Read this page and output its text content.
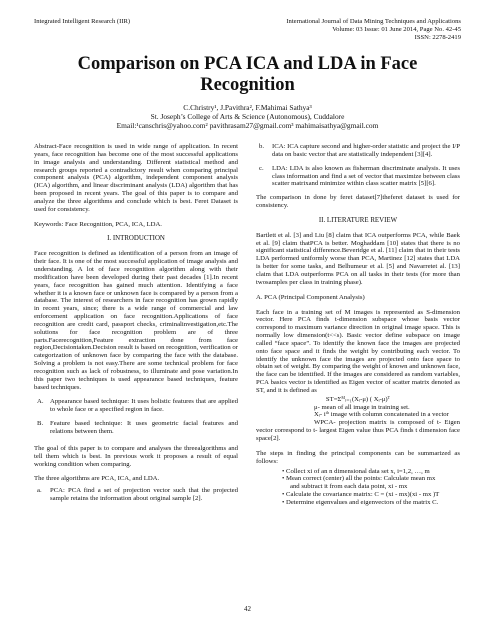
Integrated Intelligent Research (IIR)	International Journal of Data Mining Techniques and Applications
Volume: 03 Issue: 01 June 2014, Page No. 42-45
ISSN: 2278-2419
Comparison on PCA ICA and LDA in Face Recognition
C.Christry¹, J.Pavithra², F.Mahimai Sathya³
St. Joseph’s College of Arts & Science (Autonomous), Cuddalore
Email:¹canschris@yahoo.com² pavithrasam27@gmail.com³ mahimaisathya@gmail.com

Abstract-Face recognition is used in wide range of application. In recent years, face recognition has become one of the most successful applications in image analysis and understanding. Different statistical method and research groups reported a contradictory result when comparing principal component analysis (PCA) algorithm, independent component analysis (ICA) algorithm, and linear discriminant analysis (LDA) algorithm that has been proposed in recent years. The goal of this paper is to compare and analyze the three algorithms and conclude which is best. Feret Dataset is used for consistency.

Keywords: Face Recognition, PCA, ICA, LDA.

I. INTRODUCTION

Face recognition is defined as identification of a person from an image of their face. It is one of the most successful application of image analysis and understanding. A lot of face recognition algorithm along with their modification have been developed during their past decades [1].In recent years, face recognition has gained much attention. Identifying a face whether it is a known face or unknown face is compared by a person from a database. The interest of researchers in face recognition has grown rapidly in recent years, since; there is a wide range of commercial and law enforcement application on face recognition.Applications of face recognition are credit card, passport checks, criminalinvestigation,etc.The solutions for face recognition problem are of three parts.Facerecognition,Feature extraction done from face region,Decisiontaken.Decision result is based on recognition, verification or categorization of unknown face by comparing the face with the database. Solving a problem is not easy.There are some technical problem for face recognition such as lack of robustness, to illuminate and pose variation.In this paper two techniques is used appearance based techniques, feature based techniques.

A. Appearance based technique: It uses holistic features that are applied to whole face or a specified region in face.
B.	Feature based technique: It uses geometric facial features and relations between them.

The goal of this paper is to compare and analyses the threealgorithms and tell them which is best. In previous work it proposes a result of equal working condition when comparing.

The three algorithms are PCA, ICA, and LDA.

a.	PCA: PCA find a set of projection vector such that the projected sample retains the information about original sample [2].
b.	ICA: ICA capture second and higher-order statistic and project the I/P data on basic vector that are statistically independent [3][4].
c.	LDA: LDA is also known as fisherman discriminate analysis. It uses class information and find a set of vector that maximize between class scatter matrixand minimize within class scatter matrix [5][6].

The comparison in done by feret dataset[7]theferet dataset is used for consistency.

II. LITERATURE REVIEW

Bartlett et al. [3] and Liu [8] claim that ICA outperforms PCA, while Baek et al. [9] claim thatPCA is better. Moghaddam [10] states that there is no significant statistical difference.Beveridge et al. [11] claim that in their tests LDA performed uniformly worse than PCA, Martinez [12] states that LDA is better for some tasks, and Belhumeur et al. [5] and Navarretet al. [13] claim that LDA outperforms PCA on all tasks in their tests (for more than twosamples per class in training phase).

A. PCA (Principal Component Analysis)

Each face in a training set of M images is represented as S-dimension vector. Here PCA finds t-dimension subspace whose basis vector correspond to maximum variance direction in original image space. This is normally low dimension(t<<s). Basic vector define subspace on image called “face space”. To identify the known face the images are projected onto face space and it finds the weight by contributing each vector. To identify the unknown face the images are projected onto face space to obtain set of weight. By comparing the weight of known and unknown face, the face can be identified. If the images are considered as random variables, PCA basics vector is identified as Eigen vector of scatter matrix denoted as ST, and it is defined as

ST=Σᴹᵢ₌₁(Xᵢ-μ) ( Xᵢ-μ)ᵀ
μ- mean of all image in training set.
Xᵢ- iᵗʰ image with column concatenated in a vector

WPCA- projection matrix is composed of t- Eigen vector correspond to t- largest Eigen value thus PCA finds t dimension face space[2].

The steps in finding the principal components can be summarized as follows:

• Collect xi of an n dimensional data set x, i=1,2, …, m
• Mean correct (center) all the points: Calculate mean mx
and subtract it from each data point, xi - mx
• Calculate the covariance matrix: C = (xi - mx)(xi - mx )T
• Determine eigenvalues and eigenvectors of the matrix C.
42
